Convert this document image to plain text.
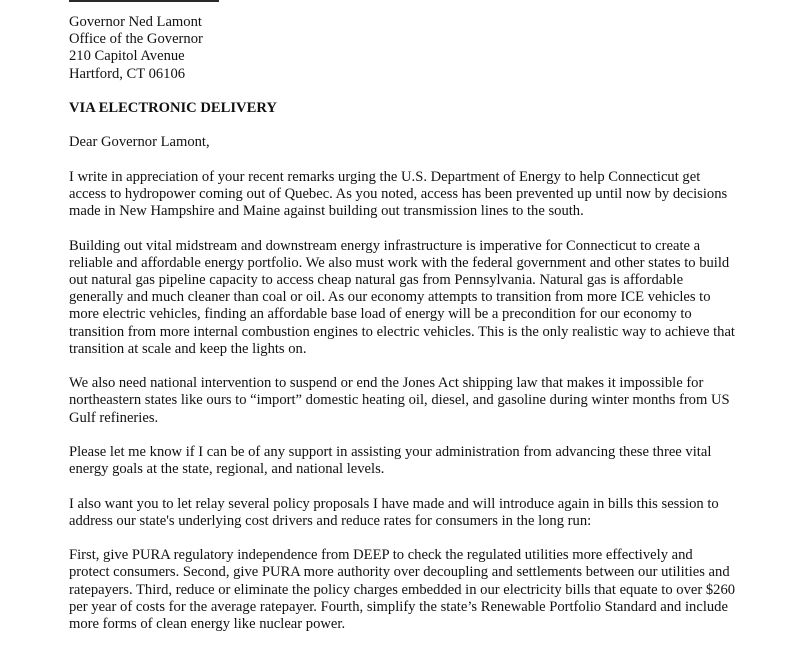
Governor Ned Lamont
Office of the Governor
210 Capitol Avenue
Hartford, CT 06106

VIA ELECTRONIC DELIVERY

Dear Governor Lamont,

I write in appreciation of your recent remarks urging the U.S. Department of Energy to help Connecticut get
access to hydropower coming out of Quebec. As you noted, access has been prevented up until now by decisions
made in New Hampshire and Maine against building out transmission lines to the south.

Building out vital midstream and downstream energy infrastructure is imperative for Connecticut to create a
reliable and affordable energy portfolio. We also must work with the federal government and other states to build
out natural gas pipeline capacity to access cheap natural gas from Pennsylvania. Natural gas is affordable
generally and much cleaner than coal or oil. As our economy attempts to transition from more ICE vehicles to
more electric vehicles, finding an affordable base load of energy will be a precondition for our economy to
transition from more internal combustion engines to electric vehicles. This is the only realistic way to achieve that
transition at scale and keep the lights on.

We also need national intervention to suspend or end the Jones Act shipping law that makes it impossible for
northeastern states like ours to “import” domestic heating oil, diesel, and gasoline during winter months from US
Gulf refineries.

Please let me know if I can be of any support in assisting your administration from advancing these three vital
energy goals at the state, regional, and national levels.

I also want you to let relay several policy proposals I have made and will introduce again in bills this session to
address our state's underlying cost drivers and reduce rates for consumers in the long run:

First, give PURA regulatory independence from DEEP to check the regulated utilities more effectively and
protect consumers. Second, give PURA more authority over decoupling and settlements between our utilities and
ratepayers. Third, reduce or eliminate the policy charges embedded in our electricity bills that equate to over $260
per year of costs for the average ratepayer. Fourth, simplify the state’s Renewable Portfolio Standard and include
more forms of clean energy like nuclear power.
